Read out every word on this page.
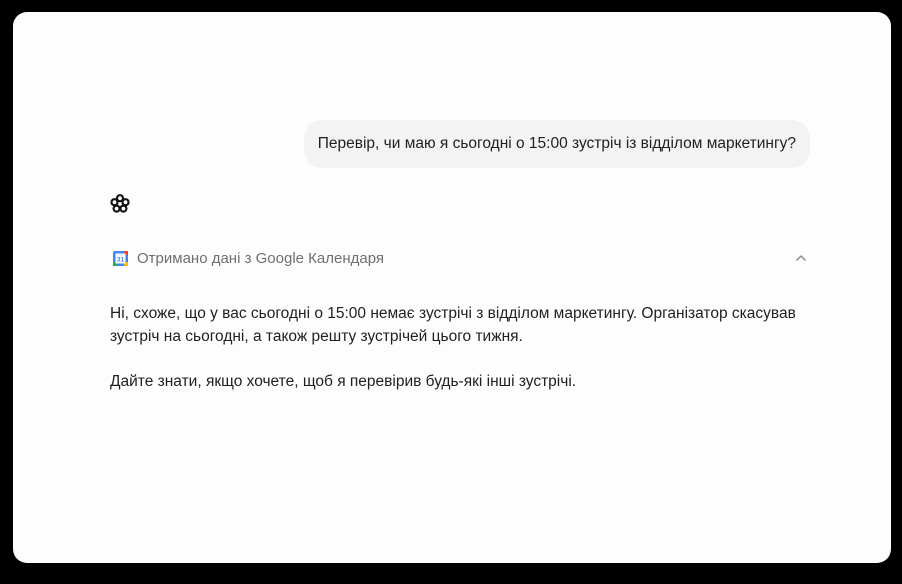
Перевір, чи маю я сьогодні о 15:00 зустріч із відділом маркетингу?
31 Отримано дані з Google Календаря

Ні, схоже, що у вас сьогодні о 15:00 немає зустрічі з відділом маркетингу. Організатор скасував зустріч на сьогодні, а також решту зустрічей цього тижня.

Дайте знати, якщо хочете, щоб я перевірив будь-які інші зустрічі.
